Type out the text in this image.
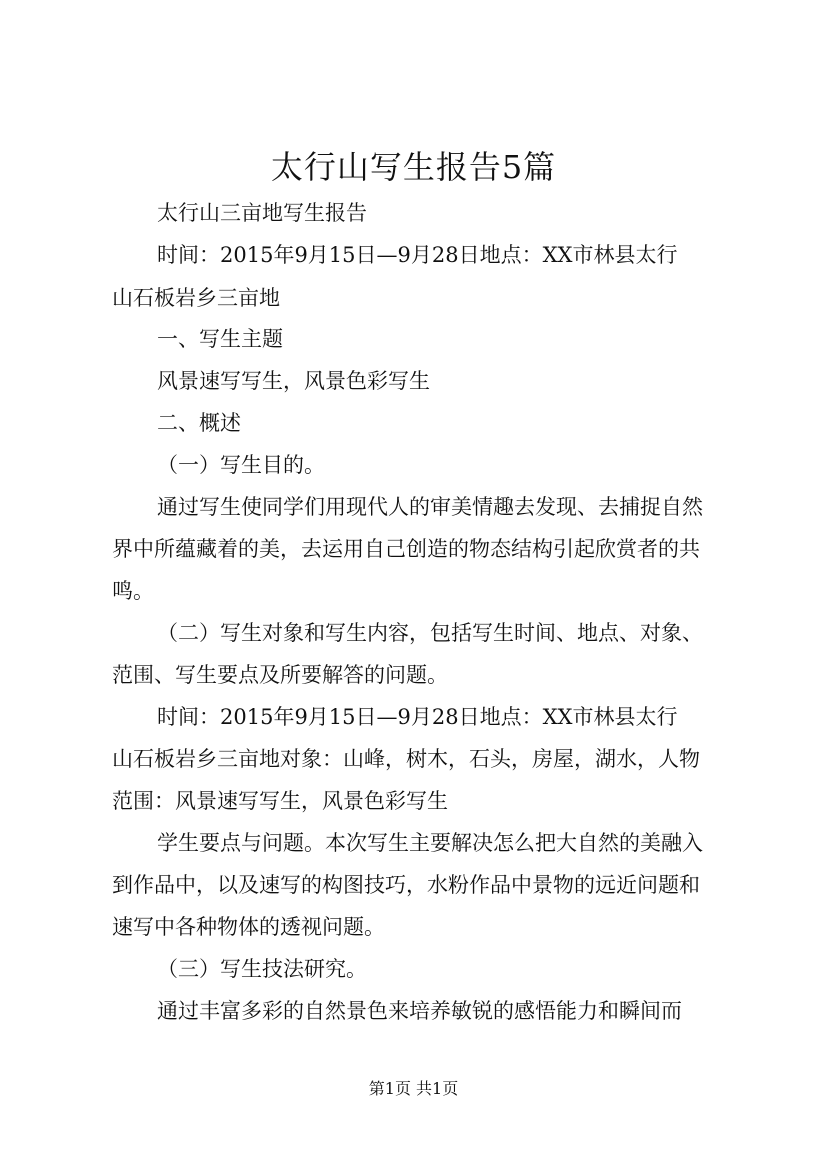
太行山写生报告5篇

太行山三亩地写生报告

时间：2015年9月15日—9月28日地点：XX市林县太行

山石板岩乡三亩地

一、写生主题

风景速写写生，风景色彩写生

二、概述

（一）写生目的。

通过写生使同学们用现代人的审美情趣去发现、去捕捉自然

界中所蕴藏着的美，去运用自己创造的物态结构引起欣赏者的共

鸣。

（二）写生对象和写生内容，包括写生时间、地点、对象、

范围、写生要点及所要解答的问题。

时间：2015年9月15日—9月28日地点：XX市林县太行

山石板岩乡三亩地对象：山峰，树木，石头，房屋，湖水，人物

范围：风景速写写生，风景色彩写生

学生要点与问题。本次写生主要解决怎么把大自然的美融入

到作品中，以及速写的构图技巧，水粉作品中景物的远近问题和

速写中各种物体的透视问题。

（三）写生技法研究。

通过丰富多彩的自然景色来培养敏锐的感悟能力和瞬间而

第1页 共1页
